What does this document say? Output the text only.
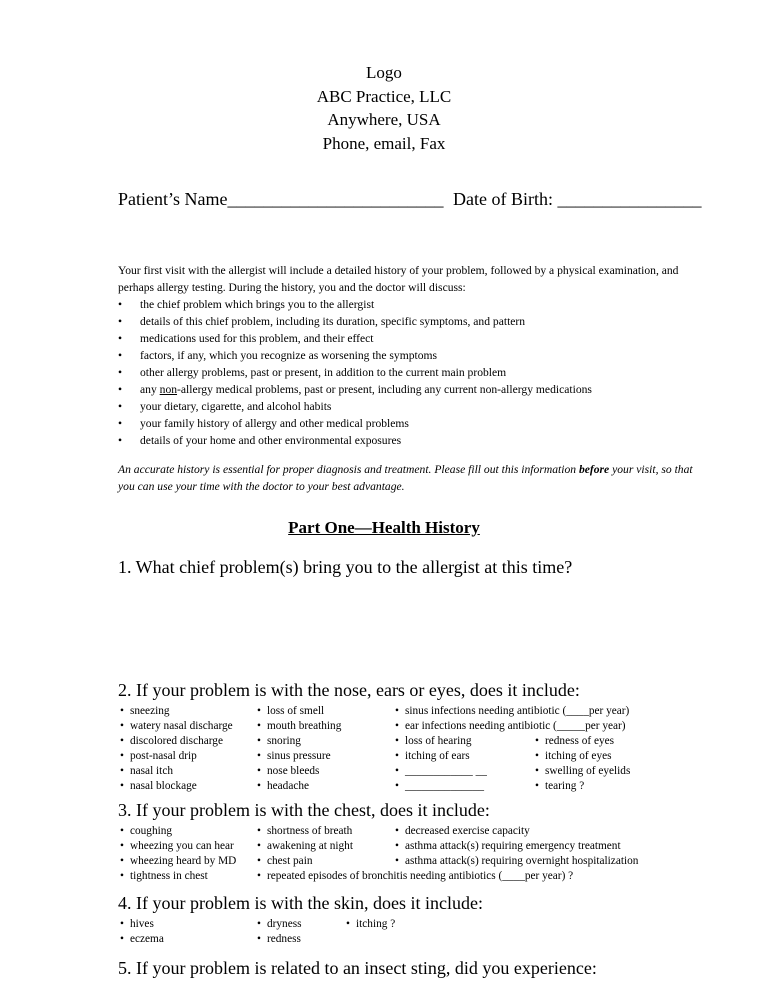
Logo
ABC Practice, LLC
Anywhere, USA
Phone, email, Fax
Patient’s Name________________________ Date of Birth: ________________
Your first visit with the allergist will include a detailed history of your problem, followed by a physical examination, and perhaps allergy testing. During the history, you and the doctor will discuss:
• the chief problem which brings you to the allergist
• details of this chief problem, including its duration, specific symptoms, and pattern
• medications used for this problem, and their effect
• factors, if any, which you recognize as worsening the symptoms
• other allergy problems, past or present, in addition to the current main problem
• any non-allergy medical problems, past or present, including any current non-allergy medications
• your dietary, cigarette, and alcohol habits
• your family history of allergy and other medical problems
• details of your home and other environmental exposures
An accurate history is essential for proper diagnosis and treatment. Please fill out this information before your visit, so that you can use your time with the doctor to your best advantage.
Part One—Health History
1. What chief problem(s) bring you to the allergist at this time?
2. If your problem is with the nose, ears or eyes, does it include:
• sneezing
• watery nasal discharge
• discolored discharge
• post-nasal drip
• nasal itch
• nasal blockage
• loss of smell
• mouth breathing
• snoring
• sinus pressure
• nose bleeds
• headache
• sinus infections needing antibiotic (____per year)
• ear infections needing antibiotic (_____per year)
• loss of hearing
• itching of ears
• ____________ __
• ______________
• redness of eyes
• itching of eyes
• swelling of eyelids
• tearing ?
3. If your problem is with the chest, does it include:
• coughing
• wheezing you can hear
• wheezing heard by MD
• tightness in chest
• shortness of breath
• awakening at night
• chest pain
• repeated episodes of bronchitis needing antibiotics (____per year) ?
• decreased exercise capacity
• asthma attack(s) requiring emergency treatment
• asthma attack(s) requiring overnight hospitalization
4. If your problem is with the skin, does it include:
• hives
• eczema
• dryness
• redness
• itching ?
5. If your problem is related to an insect sting, did you experience:
